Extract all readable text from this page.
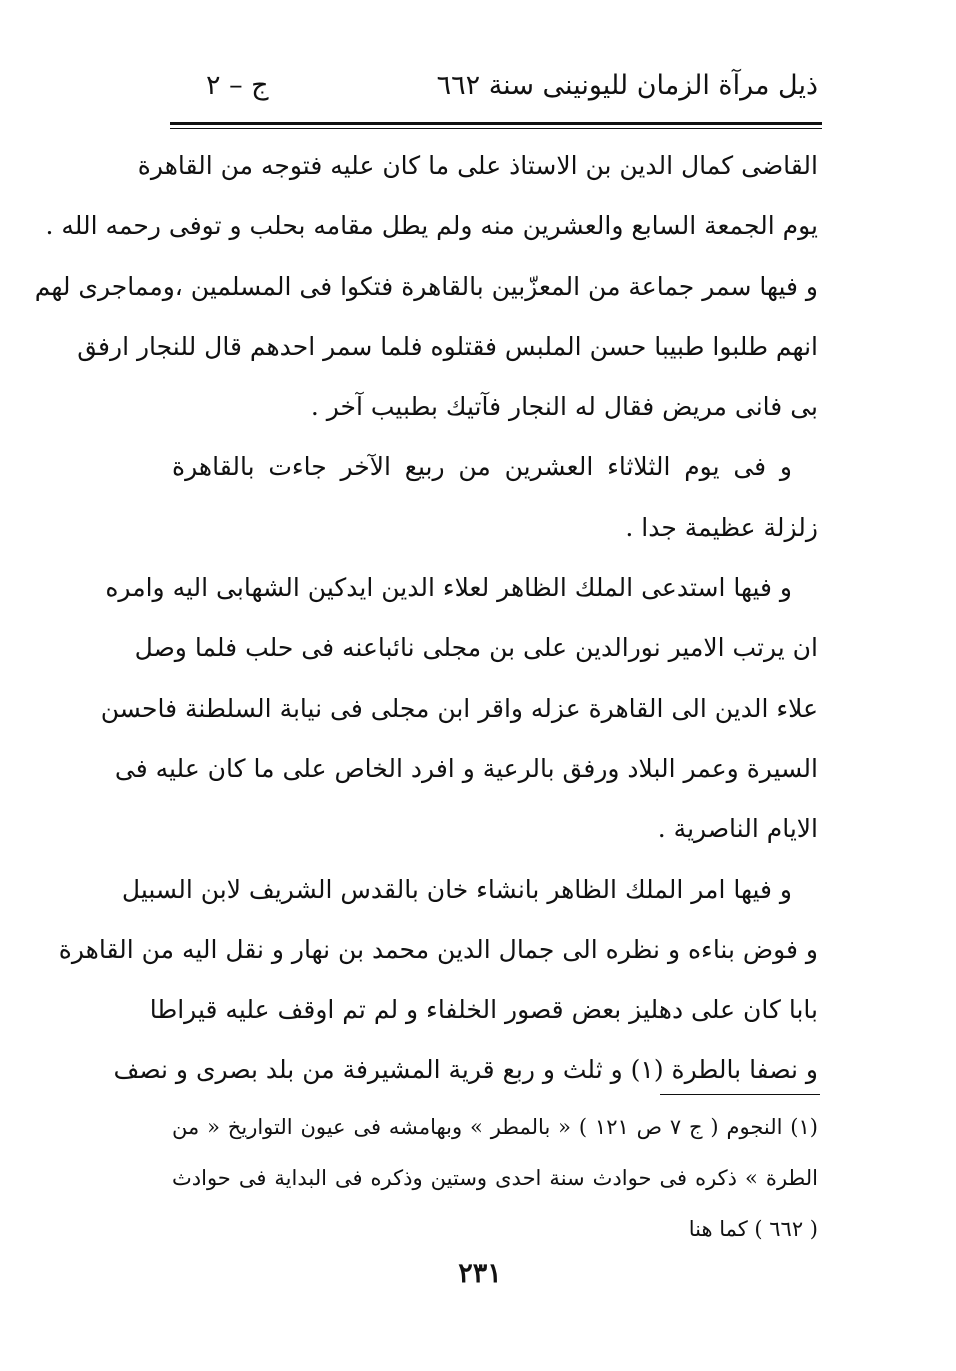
ذيل مرآة الزمان لليونينى سنة ٦٦٢
ج – ٢
القاضى كمال الدين بن الاستاذ على ما كان عليه فتوجه من القاهرة
يوم الجمعة السابع والعشرين منه ولم يطل مقامه بحلب و توفى رحمه الله .
و فيها سمر جماعة من المعزّبين بالقاهرة فتكوا فى المسلمين ،ومماجرى لهم
انهم طلبوا طبيبا حسن الملبس فقتلوه فلما سمر احدهم قال للنجار ارفق
بى فانى مريض فقال له النجار فآتيك بطبيب آخر .
و فى يوم الثلاثاء العشرين من ربيع الآخر جاءت بالقاهرة
زلزلة عظيمة جدا .
و فيها استدعى الملك الظاهر لعلاء الدين ايدكين الشهابى اليه وامره
ان يرتب الامير نورالدين على بن مجلى نائباعنه فى حلب فلما وصل
علاء الدين الى القاهرة عزله واقر ابن مجلى فى نيابة السلطنة فاحسن
السيرة وعمر البلاد ورفق بالرعية و افرد الخاص على ما كان عليه فى
الايام الناصرية .
و فيها امر الملك الظاهر بانشاء خان بالقدس الشريف لابن السبيل
و فوض بناءه و نظره الى جمال الدين محمد بن نهار و نقل اليه من القاهرة
بابا كان على دهليز بعض قصور الخلفاء و لم تم اوقف عليه قيراطا
و نصفا بالطرة (١) و ثلث و ربع قرية المشيرفة من بلد بصرى و نصف
(١) النجوم ( ج ٧ ص ١٢١ ) « بالمطر » وبهامشه فى عيون التواريخ « من
الطرة » ذكره فى حوادث سنة احدى وستين وذكره فى البداية فى حوادث
( ٦٦٢ ) كما هنا
٢٣١
